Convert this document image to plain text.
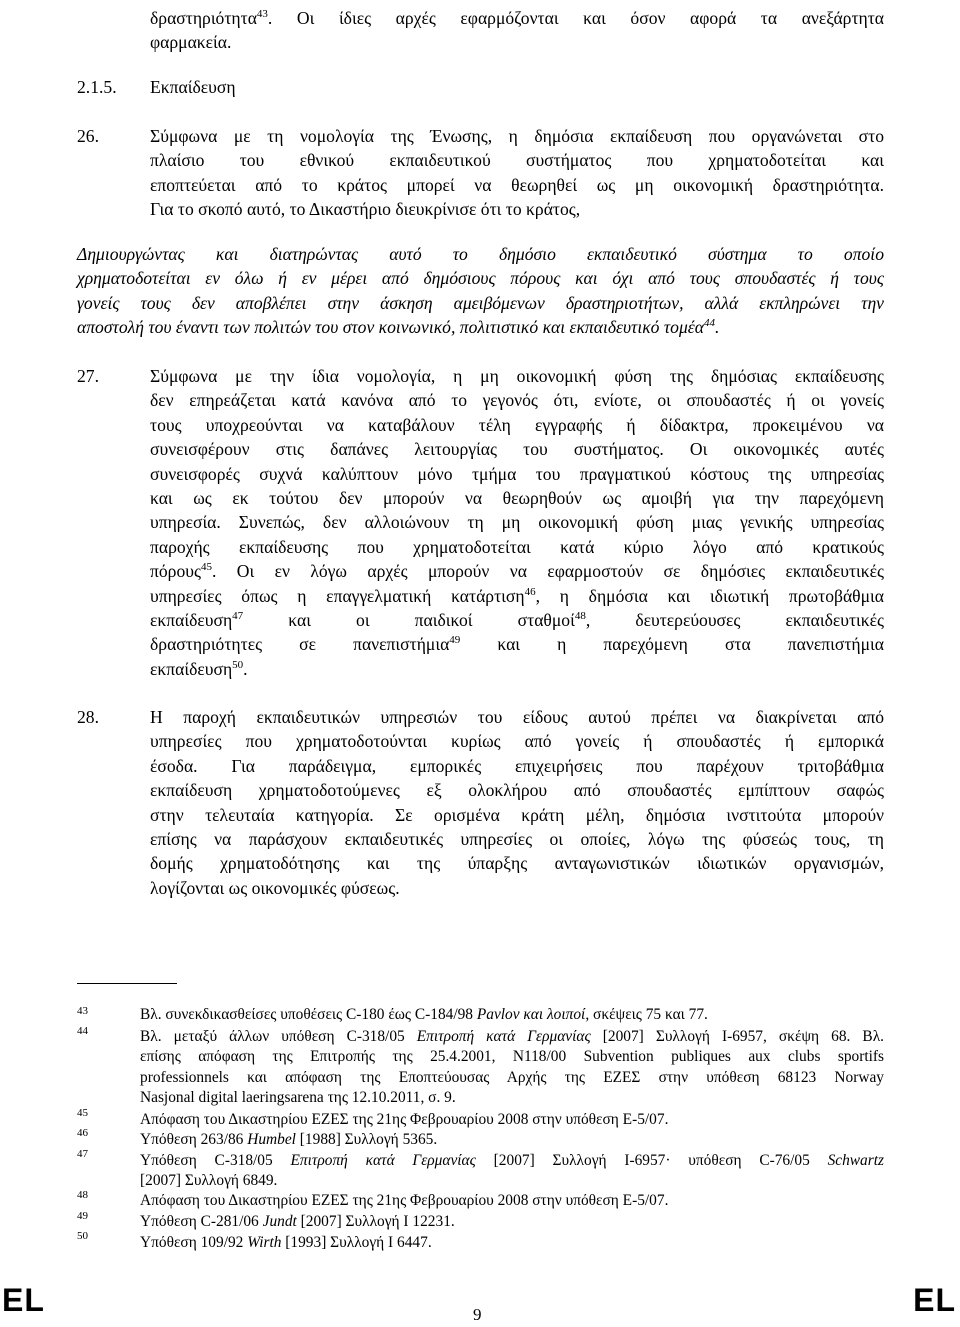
δραστηριότητα$^{43}$. Οι ίδιες αρχές εφαρμόζονται και όσον αφορά τα ανεξάρτητα
φαρμακεία.
2.1.5. Εκπαίδευση
26.	Σύμφωνα με τη νομολογία της Ένωσης, η δημόσια εκπαίδευση που οργανώνεται στο
πλαίσιο του εθνικού εκπαιδευτικού συστήματος που χρηματοδοτείται και
εποπτεύεται από το κράτος μπορεί να θεωρηθεί ως μη οικονομική δραστηριότητα.
Για το σκοπό αυτό, το Δικαστήριο διευκρίνισε ότι το κράτος,
Δημιουργώντας και διατηρώντας αυτό το δημόσιο εκπαιδευτικό σύστημα το οποίο
χρηματοδοτείται εν όλω ή εν μέρει από δημόσιους πόρους και όχι από τους σπουδαστές ή τους
γονείς τους δεν αποβλέπει στην άσκηση αμειβόμενων δραστηριοτήτων, αλλά εκπληρώνει την
αποστολή του έναντι των πολιτών του στον κοινωνικό, πολιτιστικό και εκπαιδευτικό τομέα$^{44}$.
27.	Σύμφωνα με την ίδια νομολογία, η μη οικονομική φύση της δημόσιας εκπαίδευσης
δεν επηρεάζεται κατά κανόνα από το γεγονός ότι, ενίοτε, οι σπουδαστές ή οι γονείς
τους υποχρεούνται να καταβάλουν τέλη εγγραφής ή δίδακτρα, προκειμένου να
συνεισφέρουν στις δαπάνες λειτουργίας του συστήματος. Οι οικονομικές αυτές
συνεισφορές συχνά καλύπτουν μόνο τμήμα του πραγματικού κόστους της υπηρεσίας
και ως εκ τούτου δεν μπορούν να θεωρηθούν ως αμοιβή για την παρεχόμενη
υπηρεσία. Συνεπώς, δεν αλλοιώνουν τη μη οικονομική φύση μιας γενικής υπηρεσίας
παροχής εκπαίδευσης που χρηματοδοτείται κατά κύριο λόγο από κρατικούς
πόρους$^{45}$. Οι εν λόγω αρχές μπορούν να εφαρμοστούν σε δημόσιες εκπαιδευτικές
υπηρεσίες όπως η επαγγελματική κατάρτιση$^{46}$, η δημόσια και ιδιωτική πρωτοβάθμια
εκπαίδευση$^{47}$ και οι παιδικοί σταθμοί$^{48}$, δευτερεύουσες εκπαιδευτικές
δραστηριότητες σε πανεπιστήμια$^{49}$ και η παρεχόμενη στα πανεπιστήμια
εκπαίδευση$^{50}$.
28.	Η παροχή εκπαιδευτικών υπηρεσιών του είδους αυτού πρέπει να διακρίνεται από
υπηρεσίες που χρηματοδοτούνται κυρίως από γονείς ή σπουδαστές ή εμπορικά
έσοδα. Για παράδειγμα, εμπορικές επιχειρήσεις που παρέχουν τριτοβάθμια
εκπαίδευση χρηματοδοτούμενες εξ ολοκλήρου από σπουδαστές εμπίπτουν σαφώς
στην τελευταία κατηγορία. Σε ορισμένα κράτη μέλη, δημόσια ινστιτούτα μπορούν
επίσης να παράσχουν εκπαιδευτικές υπηρεσίες οι οποίες, λόγω της φύσεώς τους, τη
δομής χρηματοδότησης και της ύπαρξης ανταγωνιστικών ιδιωτικών οργανισμών,
λογίζονται ως οικονομικές φύσεως.
43	Βλ. συνεκδικασθείσες υποθέσεις C-180 έως C-184/98 Pavlov και λοιποί, σκέψεις 75 και 77.
44	Βλ. μεταξύ άλλων υπόθεση C-318/05 Επιτροπή κατά Γερμανίας [2007] Συλλογή I-6957, σκέψη 68. Βλ.
επίσης απόφαση της Επιτροπής της 25.4.2001, N118/00 Subvention publiques aux clubs sportifs
professionnels και απόφαση της Εποπτεύουσας Αρχής της ΕΖΕΣ στην υπόθεση 68123 Norway
Nasjonal digital laeringsarena της 12.10.2011, σ. 9.
45	Απόφαση του Δικαστηρίου ΕΖΕΣ της 21ης Φεβρουαρίου 2008 στην υπόθεση E-5/07.
46	Υπόθεση 263/86 Humbel [1988] Συλλογή 5365.
47	Υπόθεση C-318/05 Επιτροπή κατά Γερμανίας [2007] Συλλογή I-6957· υπόθεση C-76/05 Schwartz
[2007] Συλλογή 6849.
48	Απόφαση του Δικαστηρίου ΕΖΕΣ της 21ης Φεβρουαρίου 2008 στην υπόθεση E-5/07.
49	Υπόθεση C-281/06 Jundt [2007] Συλλογή I 12231.
50	Υπόθεση 109/92 Wirth [1993] Συλλογή I 6447.
EL	9	EL
